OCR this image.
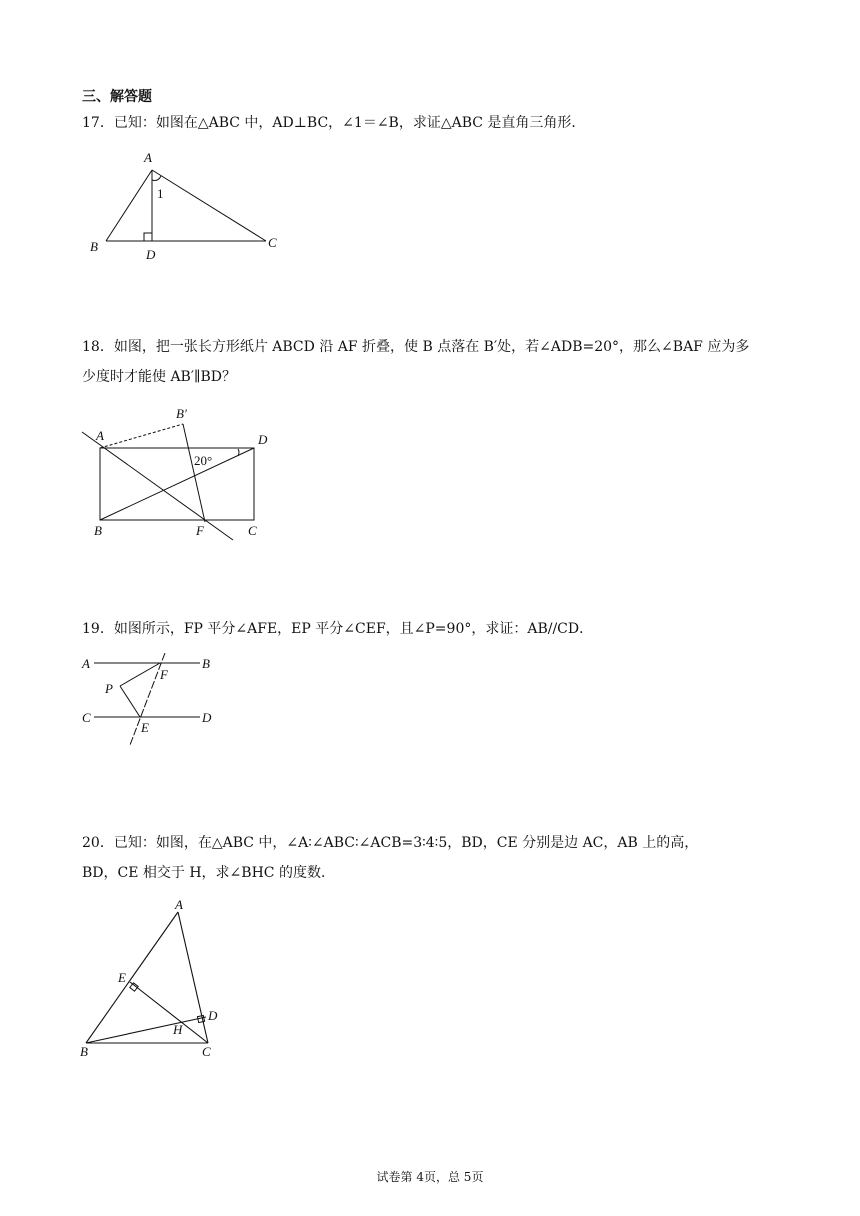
三、解答题
17．已知：如图在△ABC 中，AD⊥BC，∠1＝∠B，求证△ABC 是直角三角形．
A
B
D
C
1
18．如图，把一张长方形纸片 ABCD 沿 AF 折叠，使 B 点落在 B′处，若∠ADB=20°，那么∠BAF 应为多
少度时才能使 AB′∥BD？
A
B′
D
20°
B	F	C
19．如图所示，FP 平分∠AFE，EP 平分∠CEF，且∠P=90°，求证：AB//CD．
A	B
F
P
C	D
E
20．已知：如图，在△ABC 中，∠A∶∠ABC∶∠ACB=3∶4∶5，BD，CE 分别是边 AC，AB 上的高，
BD，CE 相交于 H，求∠BHC 的度数．
A
E
D
H
B	C
试卷第 4页，总 5页
